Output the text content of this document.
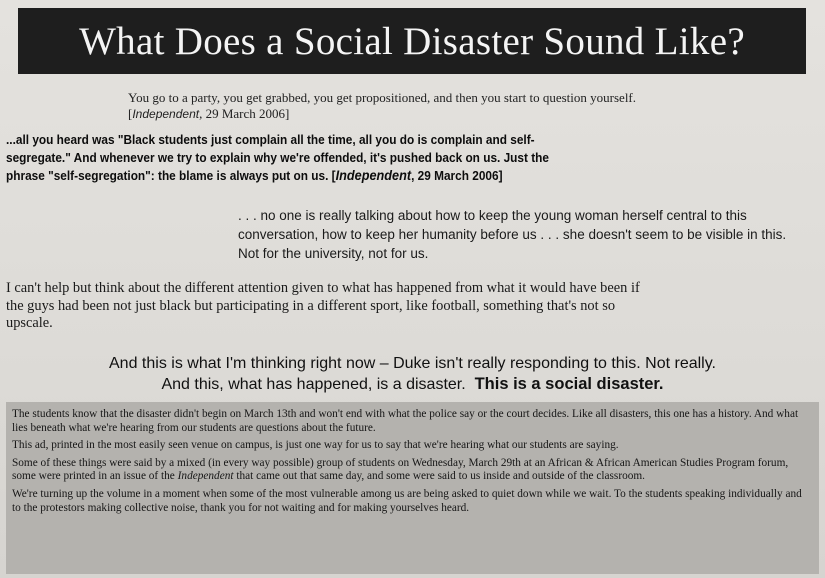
What Does a Social Disaster Sound Like?
You go to a party, you get grabbed, you get propositioned, and then you start to question yourself.
[Independent, 29 March 2006]
...all you heard was "Black students just complain all the time, all you do is complain and self-
segregate." And whenever we try to explain why we're offended, it's pushed back on us. Just the
phrase "self-segregation": the blame is always put on us. [Independent, 29 March 2006]
. . . no one is really talking about how to keep the young woman herself central to this conversation, how to keep her humanity before us . . . she doesn't seem to be visible in this. Not for the university, not for us.
I can't help but think about the different attention given to what has happened from what it would have been if the guys had been not just black but participating in a different sport, like football, something that's not so upscale.
And this is what I'm thinking right now – Duke isn't really responding to this. Not really.
And this, what has happened, is a disaster. This is a social disaster.

The students know that the disaster didn't begin on March 13th and won't end with what the police say or the court decides. Like all disasters, this one has a history. And what lies beneath what we're hearing from our students are questions about the future.

This ad, printed in the most easily seen venue on campus, is just one way for us to say that we're hearing what our students are saying.

Some of these things were said by a mixed (in every way possible) group of students on Wednesday, March 29th at an African & African American Studies Program forum, some were printed in an issue of the Independent that came out that same day, and some were said to us inside and outside of the classroom.

We're turning up the volume in a moment when some of the most vulnerable among us are being asked to quiet down while we wait. To the students speaking individually and to the protestors making collective noise, thank you for not waiting and for making yourselves heard.
